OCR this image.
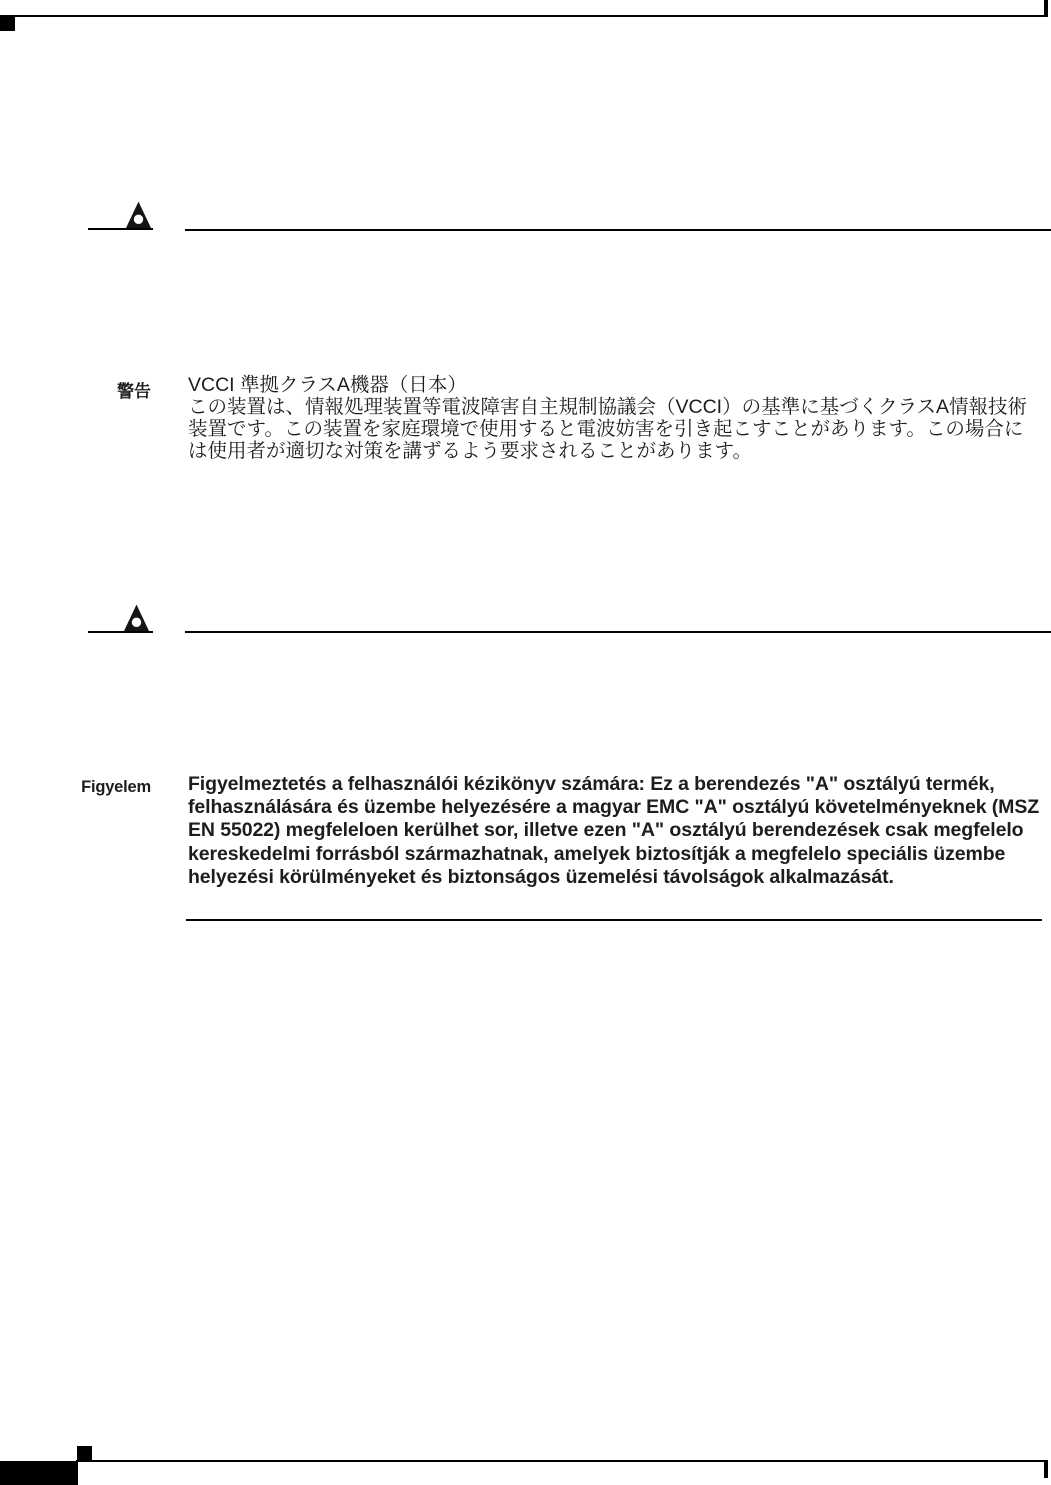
警告 VCCI 準拠クラスA機器（日本）
この装置は、情報処理装置等電波障害自主規制協議会（VCCI）の基準に基づくクラスA情報技術
装置です。この装置を家庭環境で使用すると電波妨害を引き起こすことがあります。この場合に
は使用者が適切な対策を講ずるよう要求されることがあります。
Figyelem Figyelmeztetés a felhasználói kézikönyv számára: Ez a berendezés "A" osztályú termék,
felhasználására és üzembe helyezésére a magyar EMC "A" osztályú követelményeknek (MSZ
EN 55022) megfeleloen kerülhet sor, illetve ezen "A" osztályú berendezések csak megfelelo
kereskedelmi forrásból származhatnak, amelyek biztosítják a megfelelo speciális üzembe
helyezési körülményeket és biztonságos üzemelési távolságok alkalmazását.
